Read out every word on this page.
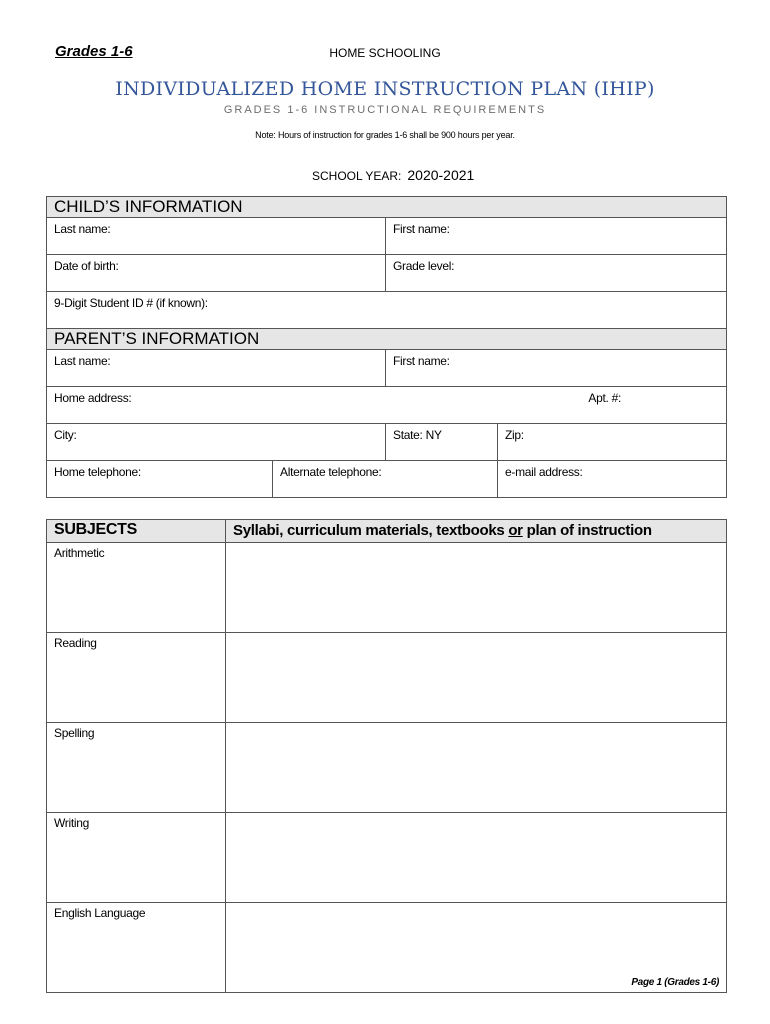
Grades 1-6	HOME SCHOOLING
INDIVIDUALIZED HOME INSTRUCTION PLAN (IHIP)
GRADES 1-6 INSTRUCTIONAL REQUIREMENTS
Note: Hours of instruction for grades 1-6 shall be 900 hours per year.
SCHOOL YEAR: 2020-2021
CHILD’S INFORMATION			

Last name:		First name:	

Date of birth:		Grade level:	

9-Digit Student ID # (if known):			

PARENT’S INFORMATION			

Last name:		First name:	

Home address: Apt. #:			

City:		State: NY	Zip:

Home telephone:	Alternate telephone:		e-mail address:
SUBJECTS	Syllabi, curriculum materials, textbooks or plan of instruction

Arithmetic	

Reading	

Spelling	

Writing	

English Language	Page 1 (Grades 1-6)
